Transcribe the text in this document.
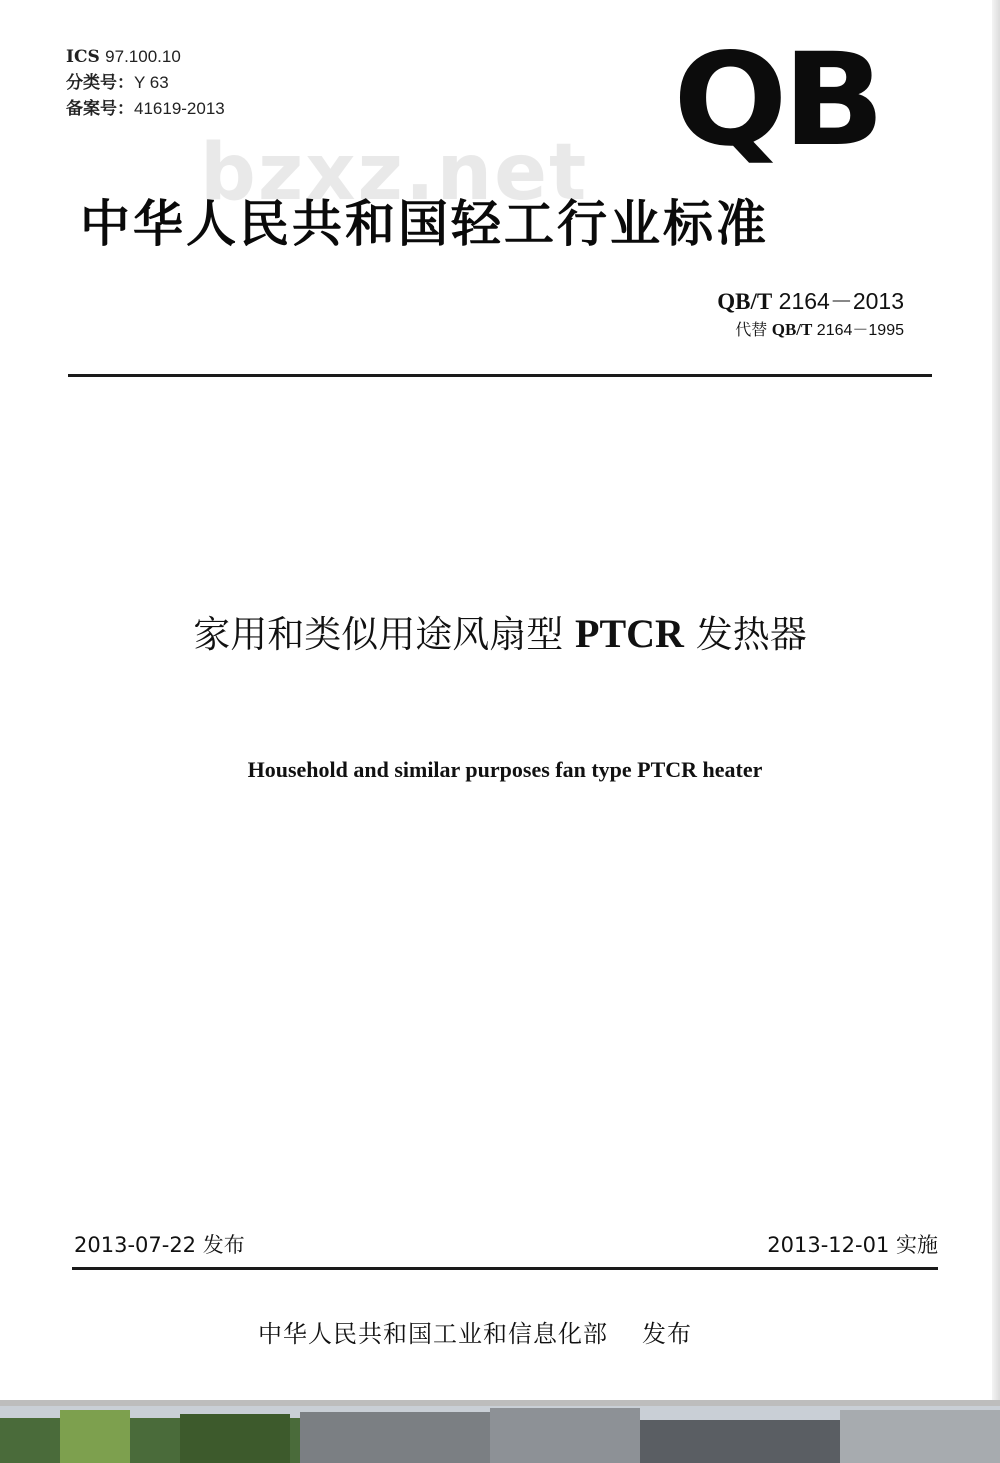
ICS 97.100.10
分类号：Y 63
备案号：41619-2013	Q
B
bzxz.net
中华人民共和国轻工行业标准
QB/T 2164－2013
代替 QB/T 2164－1995
家用和类似用途风扇型 PTCR 发热器
Household and similar purposes fan type PTCR heater
2013-07-22 发布	2013-12-01 实施
中华人民共和国工业和信息化部 发布
